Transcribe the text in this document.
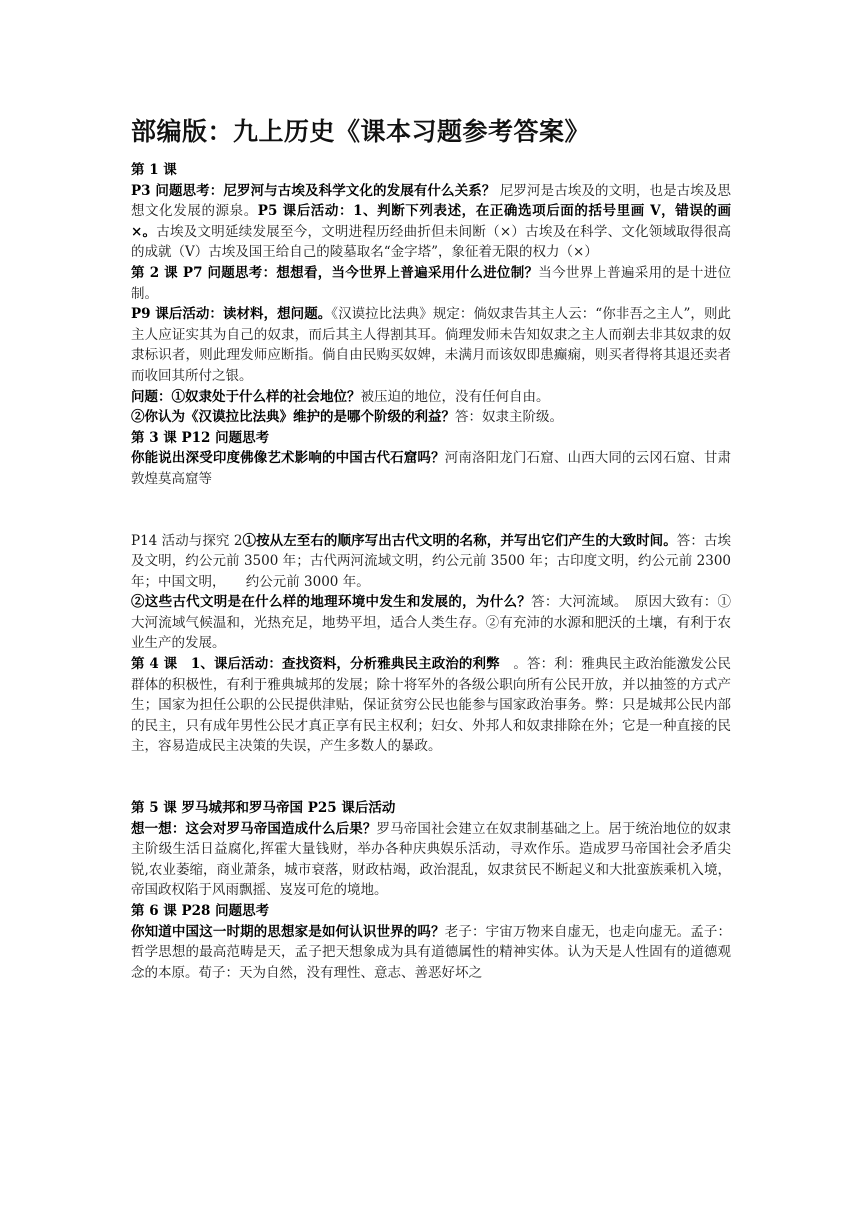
部编版：九上历史《课本习题参考答案》

第 1 课

P3 问题思考：尼罗河与古埃及科学文化的发展有什么关系？ 尼罗河是古埃及的文明，也是古埃及思想文化发展的源泉。P5 课后活动：1、判断下列表述，在正确选项后面的括号里画 V，错误的画×。古埃及文明延续发展至今，文明进程历经曲折但未间断（×）古埃及在科学、文化领域取得很高的成就（V）古埃及国王给自己的陵墓取名“金字塔”，象征着无限的权力（×）

第 2 课 P7 问题思考：想想看，当今世界上普遍采用什么进位制？当今世界上普遍采用的是十进位制。

P9 课后活动：读材料，想问题。《汉谟拉比法典》规定：倘奴隶告其主人云：“你非吾之主人”，则此主人应证实其为自己的奴隶，而后其主人得割其耳。倘理发师未告知奴隶之主人而剃去非其奴隶的奴隶标识者，则此理发师应断指。倘自由民购买奴婢，未满月而该奴即患癫痫，则买者得将其退还卖者而收回其所付之银。

问题：①奴隶处于什么样的社会地位？被压迫的地位，没有任何自由。

②你认为《汉谟拉比法典》维护的是哪个阶级的利益？答：奴隶主阶级。

第 3 课 P12 问题思考

你能说出深受印度佛像艺术影响的中国古代石窟吗？河南洛阳龙门石窟、山西大同的云冈石窟、甘肃敦煌莫高窟等

P14 活动与探究 2①按从左至右的顺序写出古代文明的名称，并写出它们产生的大致时间。答：古埃及文明，约公元前 3500 年；古代两河流域文明，约公元前 3500 年；古印度文明，约公元前 2300 年；中国文明，　　约公元前 3000 年。

②这些古代文明是在什么样的地理环境中发生和发展的，为什么？答：大河流域。　原因大致有：①大河流域气候温和，光热充足，地势平坦，适合人类生存。②有充沛的水源和肥沃的土壤，有利于农业生产的发展。

第 4 课　1、课后活动：查找资料，分析雅典民主政治的利弊　。答：利：雅典民主政治能激发公民群体的积极性，有利于雅典城邦的发展；除十将军外的各级公职向所有公民开放，并以抽签的方式产生；国家为担任公职的公民提供津贴，保证贫穷公民也能参与国家政治事务。弊：只是城邦公民内部的民主，只有成年男性公民才真正享有民主权利；妇女、外邦人和奴隶排除在外；它是一种直接的民主，容易造成民主决策的失误，产生多数人的暴政。

第 5 课 罗马城邦和罗马帝国 P25 课后活动

想一想：这会对罗马帝国造成什么后果？罗马帝国社会建立在奴隶制基础之上。居于统治地位的奴隶主阶级生活日益腐化,挥霍大量钱财，举办各种庆典娱乐活动，寻欢作乐。造成罗马帝国社会矛盾尖锐,农业萎缩，商业萧条，城市衰落，财政枯竭，政治混乱，奴隶贫民不断起义和大批蛮族乘机入境，帝国政权陷于风雨飘摇、岌岌可危的境地。

第 6 课 P28 问题思考

你知道中国这一时期的思想家是如何认识世界的吗？老子：宇宙万物来自虚无，也走向虚无。孟子：哲学思想的最高范畴是天，孟子把天想象成为具有道德属性的精神实体。认为天是人性固有的道德观念的本原。荀子：天为自然，没有理性、意志、善恶好坏之
